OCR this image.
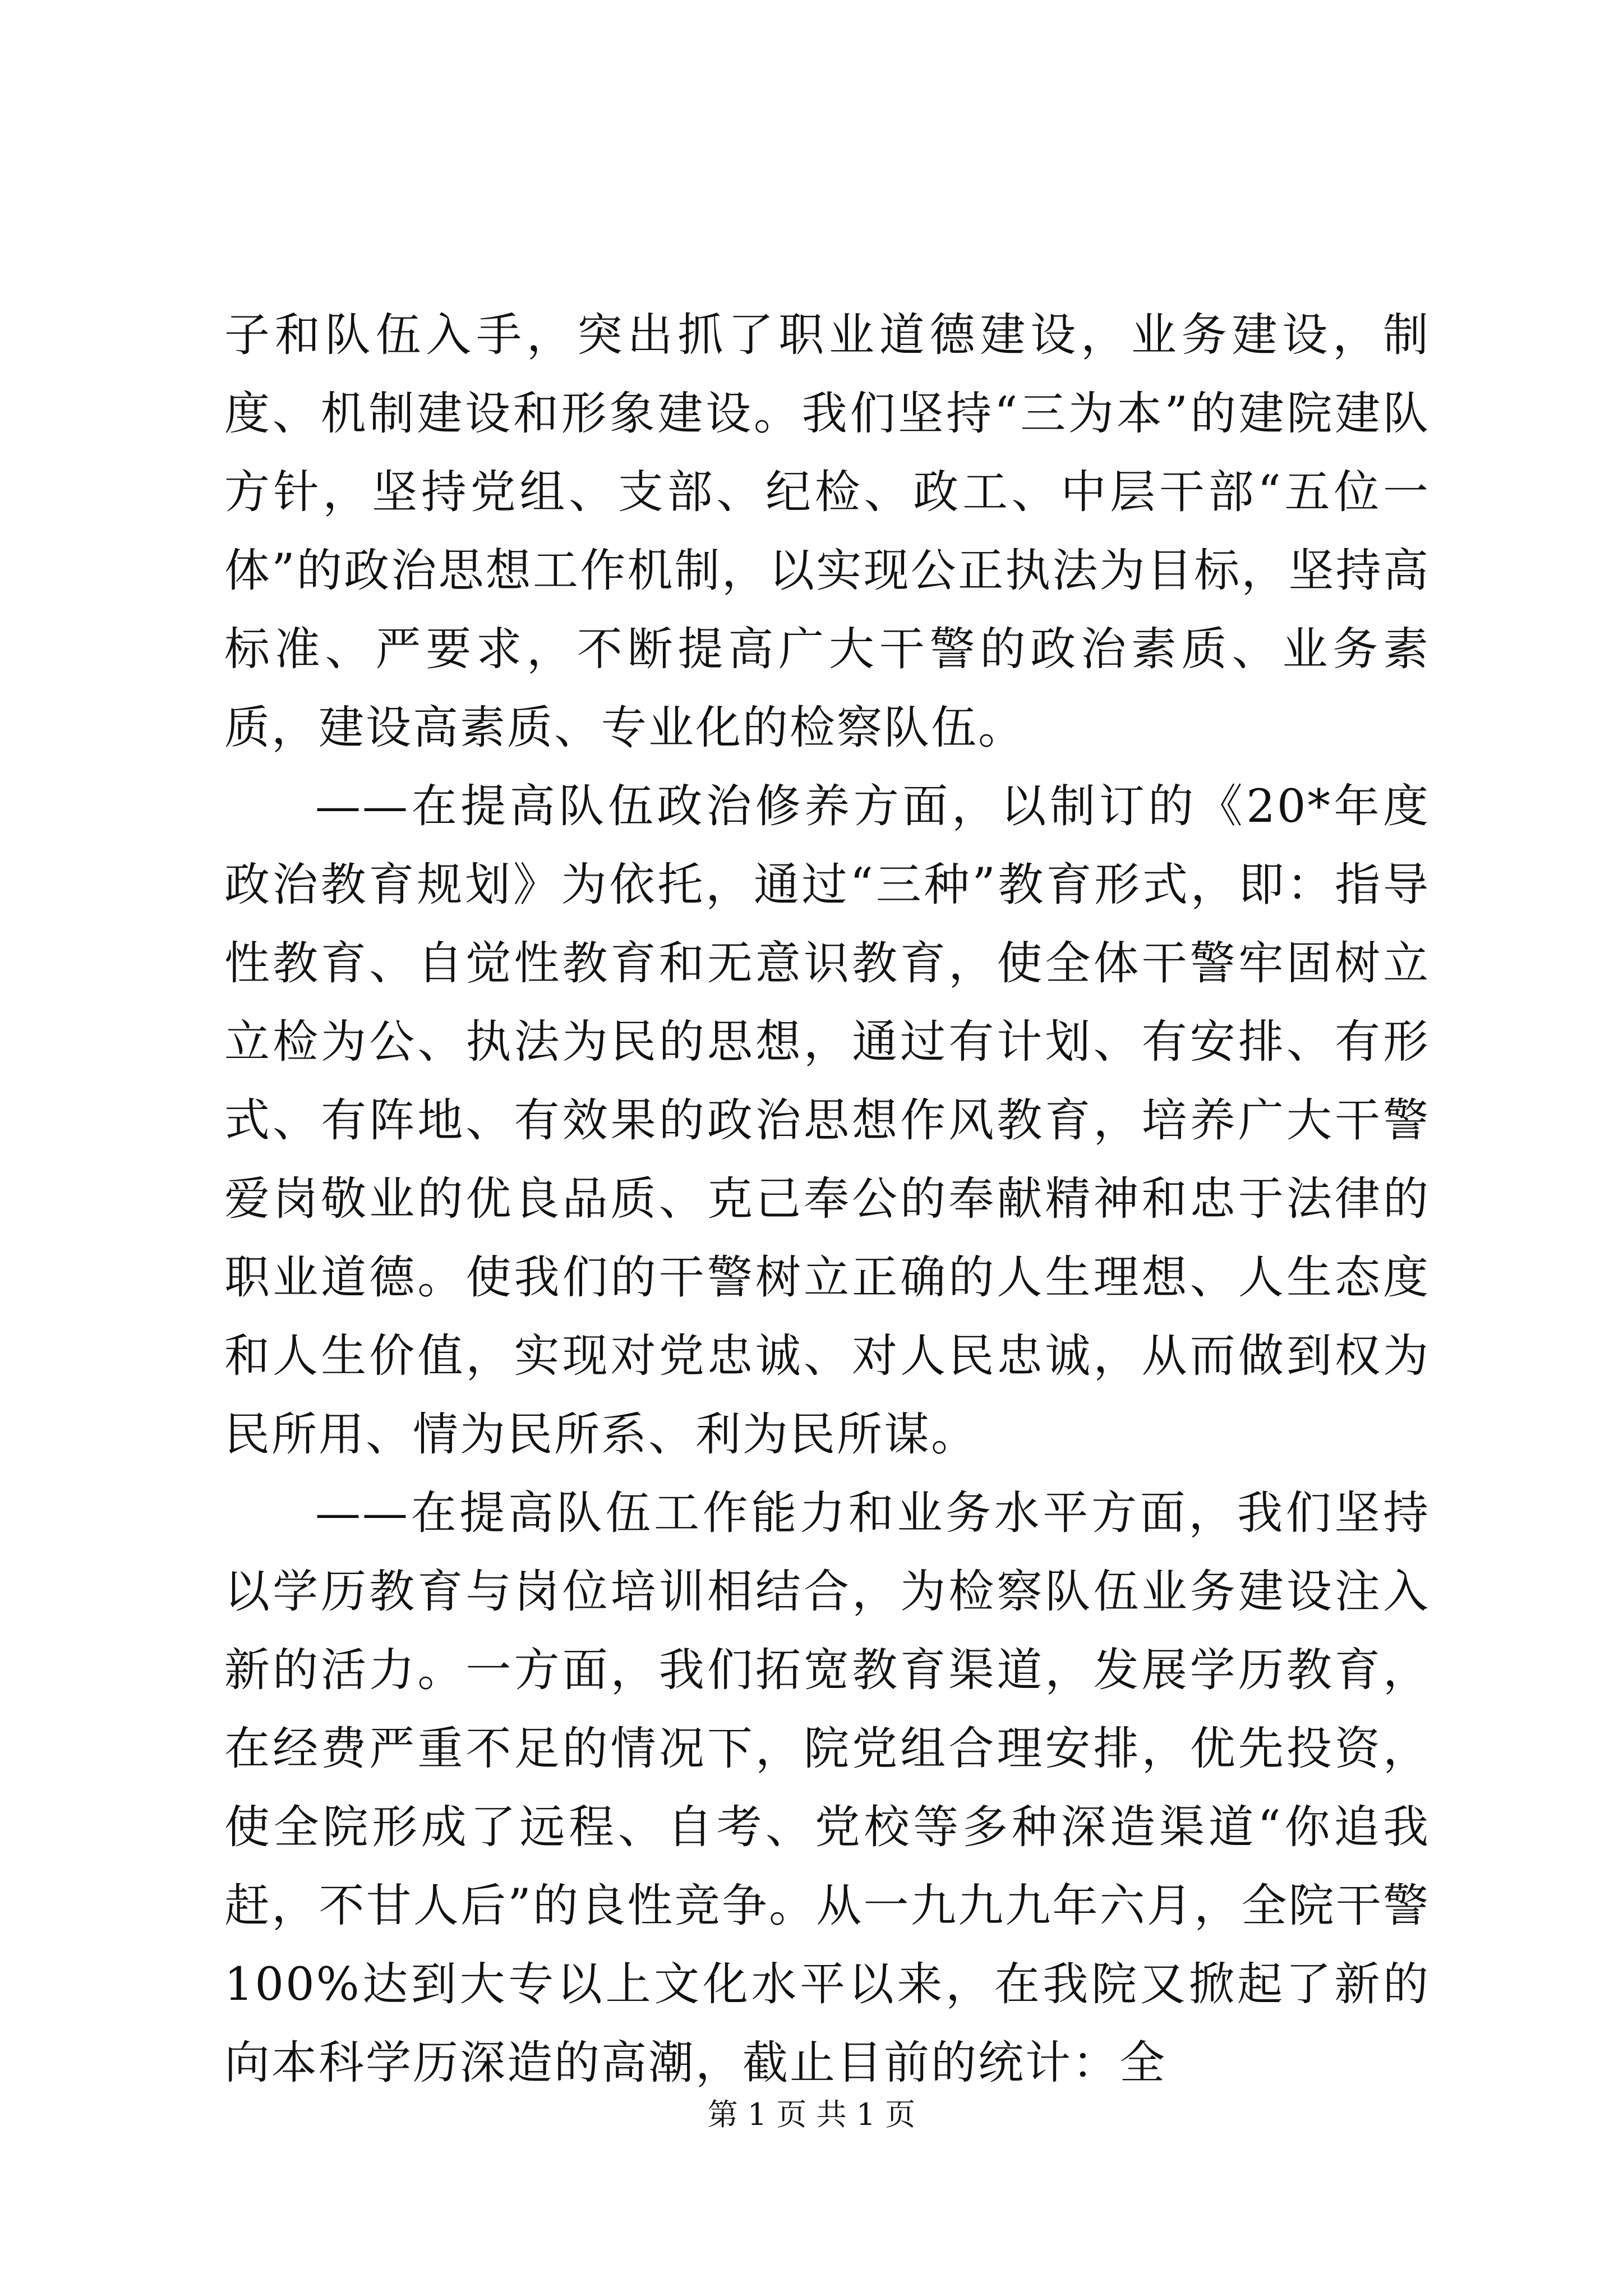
子和队伍入手，突出抓了职业道德建设，业务建设，制度、机制建设和形象建设。我们坚持“三为本”的建院建队方针，坚持党组、支部、纪检、政工、中层干部“五位一体”的政治思想工作机制，以实现公正执法为目标，坚持高标准、严要求，不断提高广大干警的政治素质、业务素质，建设高素质、专业化的检察队伍。

——在提高队伍政治修养方面，以制订的《20*年度政治教育规划》为依托，通过“三种”教育形式，即：指导性教育、自觉性教育和无意识教育，使全体干警牢固树立立检为公、执法为民的思想，通过有计划、有安排、有形式、有阵地、有效果的政治思想作风教育，培养广大干警爱岗敬业的优良品质、克己奉公的奉献精神和忠于法律的职业道德。使我们的干警树立正确的人生理想、人生态度和人生价值，实现对党忠诚、对人民忠诚，从而做到权为民所用、情为民所系、利为民所谋。

——在提高队伍工作能力和业务水平方面，我们坚持以学历教育与岗位培训相结合，为检察队伍业务建设注入新的活力。一方面，我们拓宽教育渠道，发展学历教育，在经费严重不足的情况下，院党组合理安排，优先投资，使全院形成了远程、自考、党校等多种深造渠道“你追我赶，不甘人后”的良性竞争。从一九九九年六月，全院干警100%达到大专以上文化水平以来，在我院又掀起了新的向本科学历深造的高潮，截止目前的统计：全

第 1 页 共 1 页
